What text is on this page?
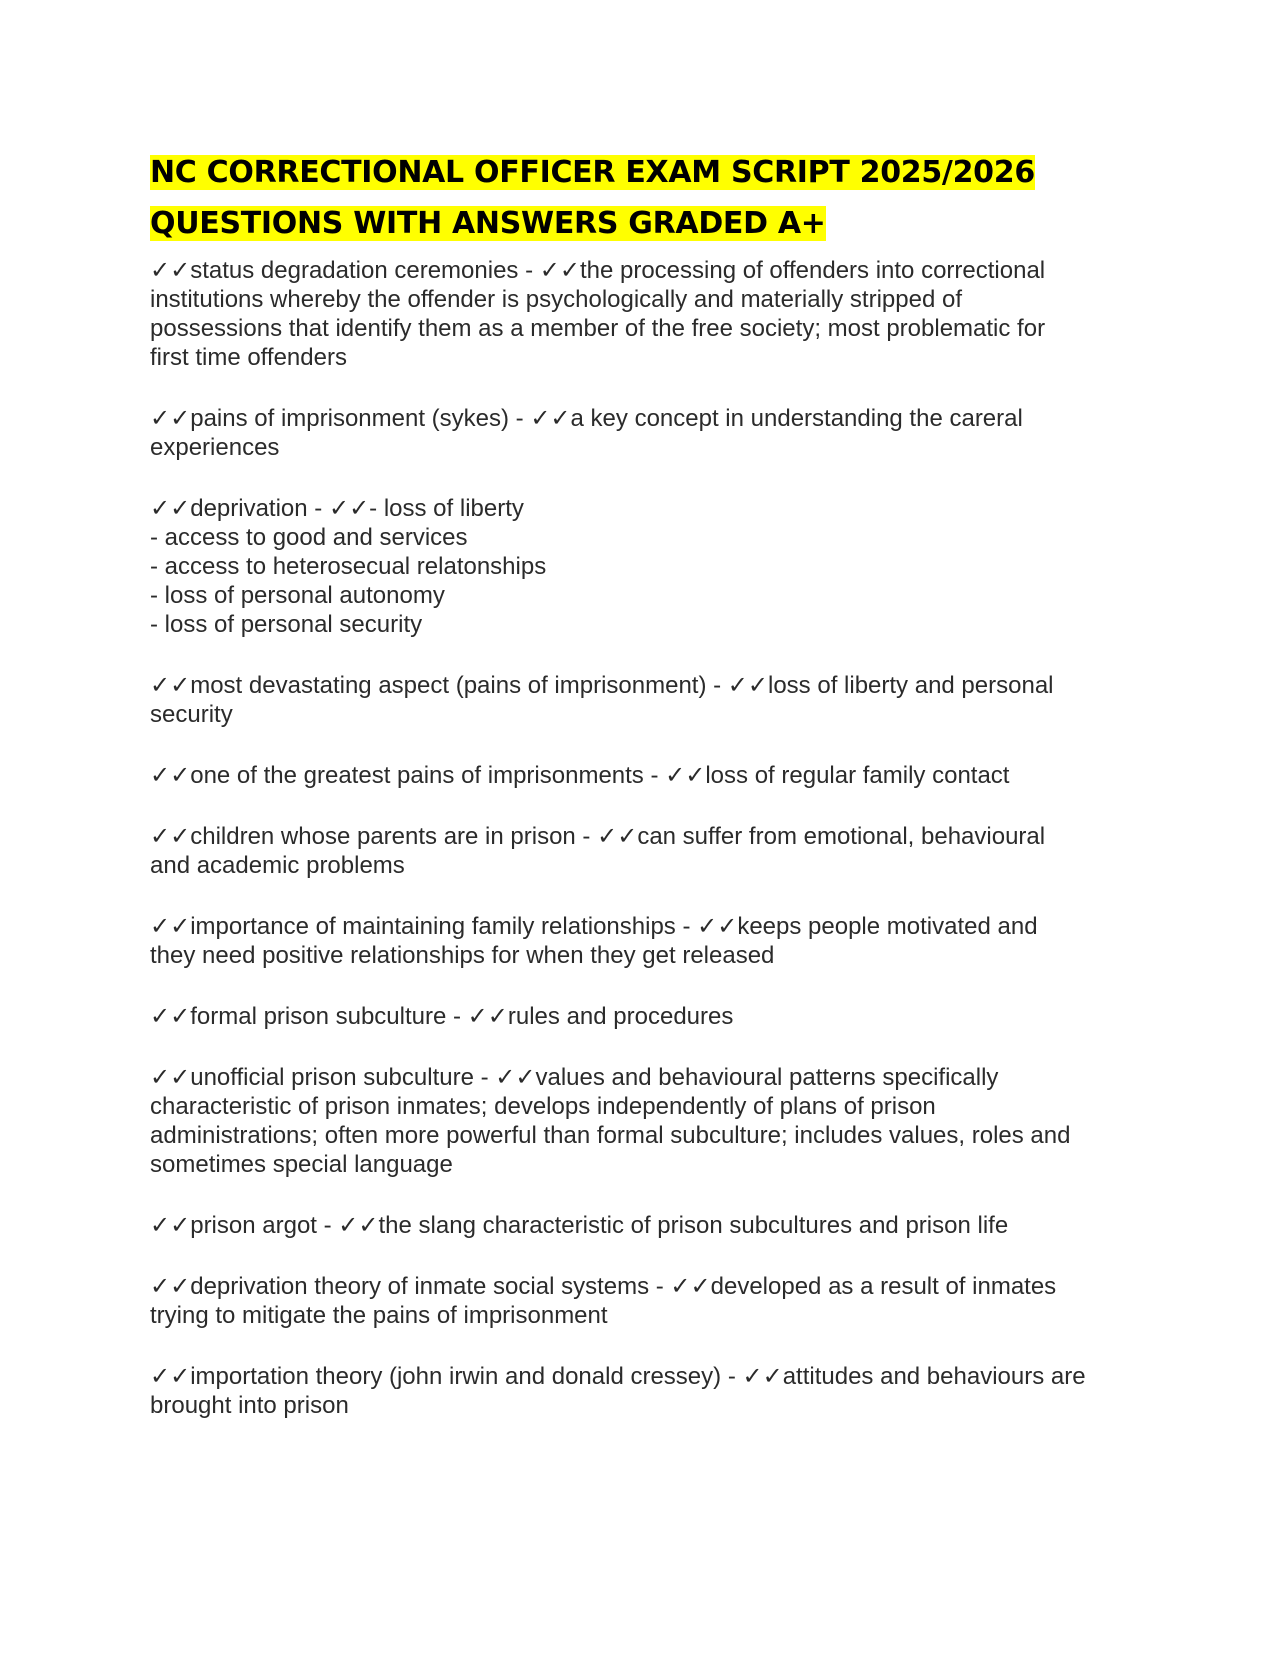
NC CORRECTIONAL OFFICER EXAM SCRIPT 2025/2026
QUESTIONS WITH ANSWERS GRADED A+
✓✓status degradation ceremonies - ✓✓the processing of offenders into correctional
institutions whereby the offender is psychologically and materially stripped of
possessions that identify them as a member of the free society; most problematic for
first time offenders
✓✓pains of imprisonment (sykes) - ✓✓a key concept in understanding the careral
experiences
✓✓deprivation - ✓✓- loss of liberty
- access to good and services
- access to heterosecual relatonships
- loss of personal autonomy
- loss of personal security
✓✓most devastating aspect (pains of imprisonment) - ✓✓loss of liberty and personal
security
✓✓one of the greatest pains of imprisonments - ✓✓loss of regular family contact
✓✓children whose parents are in prison - ✓✓can suffer from emotional, behavioural
and academic problems
✓✓importance of maintaining family relationships - ✓✓keeps people motivated and
they need positive relationships for when they get released
✓✓formal prison subculture - ✓✓rules and procedures
✓✓unofficial prison subculture - ✓✓values and behavioural patterns specifically
characteristic of prison inmates; develops independently of plans of prison
administrations; often more powerful than formal subculture; includes values, roles and
sometimes special language
✓✓prison argot - ✓✓the slang characteristic of prison subcultures and prison life
✓✓deprivation theory of inmate social systems - ✓✓developed as a result of inmates
trying to mitigate the pains of imprisonment
✓✓importation theory (john irwin and donald cressey) - ✓✓attitudes and behaviours are
brought into prison
